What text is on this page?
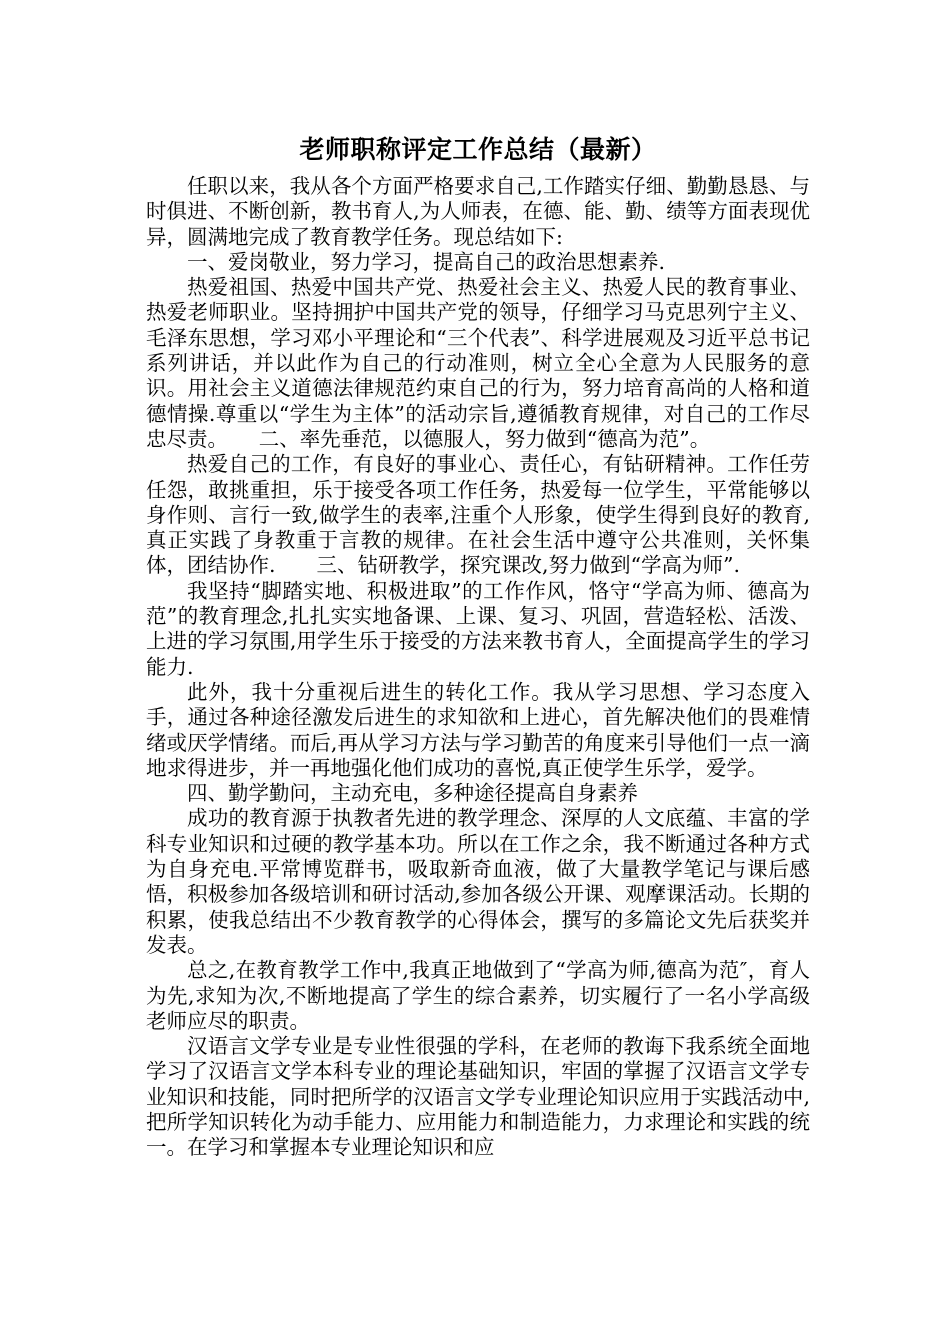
老师职称评定工作总结（最新）

任职以来，我从各个方面严格要求自己,工作踏实仔细、勤勤恳恳、与时俱进、不断创新，教书育人,为人师表，在德、能、勤、绩等方面表现优异，圆满地完成了教育教学任务。现总结如下:

一、爱岗敬业，努力学习，提高自己的政治思想素养.

热爱祖国、热爱中国共产党、热爱社会主义、热爱人民的教育事业、热爱老师职业。坚持拥护中国共产党的领导，仔细学习马克思列宁主义、毛泽东思想，学习邓小平理论和“三个代表”、科学进展观及习近平总书记系列讲话，并以此作为自己的行动准则，树立全心全意为人民服务的意识。用社会主义道德法律规范约束自己的行为，努力培育高尚的人格和道德情操.尊重以“学生为主体”的活动宗旨,遵循教育规律，对自己的工作尽忠尽责。　　二、率先垂范，以德服人，努力做到“德高为范”。

热爱自己的工作，有良好的事业心、责任心，有钻研精神。工作任劳任怨，敢挑重担，乐于接受各项工作任务，热爱每一位学生，平常能够以身作则、言行一致,做学生的表率,注重个人形象，使学生得到良好的教育,真正实践了身教重于言教的规律。在社会生活中遵守公共准则，关怀集体，团结协作.　　三、钻研教学，探究课改,努力做到“学高为师”.

我坚持“脚踏实地、积极进取”的工作作风，恪守“学高为师、德高为范”的教育理念,扎扎实实地备课、上课、复习、巩固，营造轻松、活泼、上进的学习氛围,用学生乐于接受的方法来教书育人，全面提高学生的学习能力.

此外，我十分重视后进生的转化工作。我从学习思想、学习态度入手，通过各种途径激发后进生的求知欲和上进心，首先解决他们的畏难情绪或厌学情绪。而后,再从学习方法与学习勤苦的角度来引导他们一点一滴地求得进步，并一再地强化他们成功的喜悦,真正使学生乐学，爱学。

四、勤学勤问，主动充电，多种途径提高自身素养

成功的教育源于执教者先进的教学理念、深厚的人文底蕴、丰富的学科专业知识和过硬的教学基本功。所以在工作之余，我不断通过各种方式为自身充电.平常博览群书，吸取新奇血液，做了大量教学笔记与课后感悟，积极参加各级培训和研讨活动,参加各级公开课、观摩课活动。长期的积累，使我总结出不少教育教学的心得体会，撰写的多篇论文先后获奖并发表。

总之,在教育教学工作中,我真正地做到了“学高为师,德高为范″，育人为先,求知为次,不断地提高了学生的综合素养，切实履行了一名小学高级老师应尽的职责。

汉语言文学专业是专业性很强的学科，在老师的教诲下我系统全面地学习了汉语言文学本科专业的理论基础知识，牢固的掌握了汉语言文学专业知识和技能，同时把所学的汉语言文学专业理论知识应用于实践活动中,把所学知识转化为动手能力、应用能力和制造能力，力求理论和实践的统一。在学习和掌握本专业理论知识和应
